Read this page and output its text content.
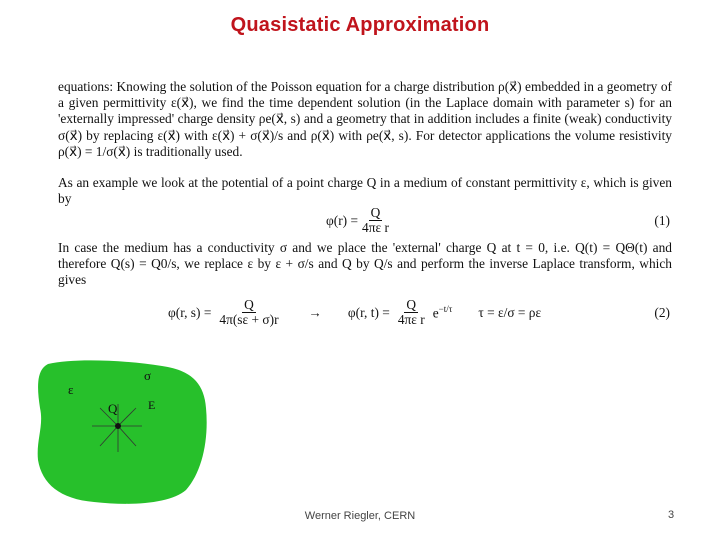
Quasistatic Approximation
equations: Knowing the solution of the Poisson equation for a charge distribution ρ(x⃗) embedded in a geometry of a given permittivity ε(x⃗), we find the time dependent solution (in the Laplace domain with parameter s) for an 'externally impressed' charge density ρe(x⃗, s) and a geometry that in addition includes a finite (weak) conductivity σ(x⃗) by replacing ε(x⃗) with ε(x⃗) + σ(x⃗)/s and ρ(x⃗) with ρe(x⃗, s). For detector applications the volume resistivity ρ(x⃗) = 1/σ(x⃗) is traditionally used.
As an example we look at the potential of a point charge Q in a medium of constant permittivity ε, which is given by
$\varphi(r) = \frac{Q}{\text{4πε r}}$	(1)
In case the medium has a conductivity σ and we place the 'external' charge Q at t = 0, i.e. Q(t) = QΘ(t) and therefore Q(s) = Q0/s, we replace ε by ε + σ/s and Q by Q/s and perform the inverse Laplace transform, which gives
φ(r, $s) = \frac{Q}{4\pi(s\varepsilon + \sigma)r} \to \varphi(r$, $t) = \frac{Q}{\text{4πε r}} e^{-t/\tau}$ τ = ε/σ = ρε	(2)
ε
σ
Q	E
Werner Riegler, CERN	3
